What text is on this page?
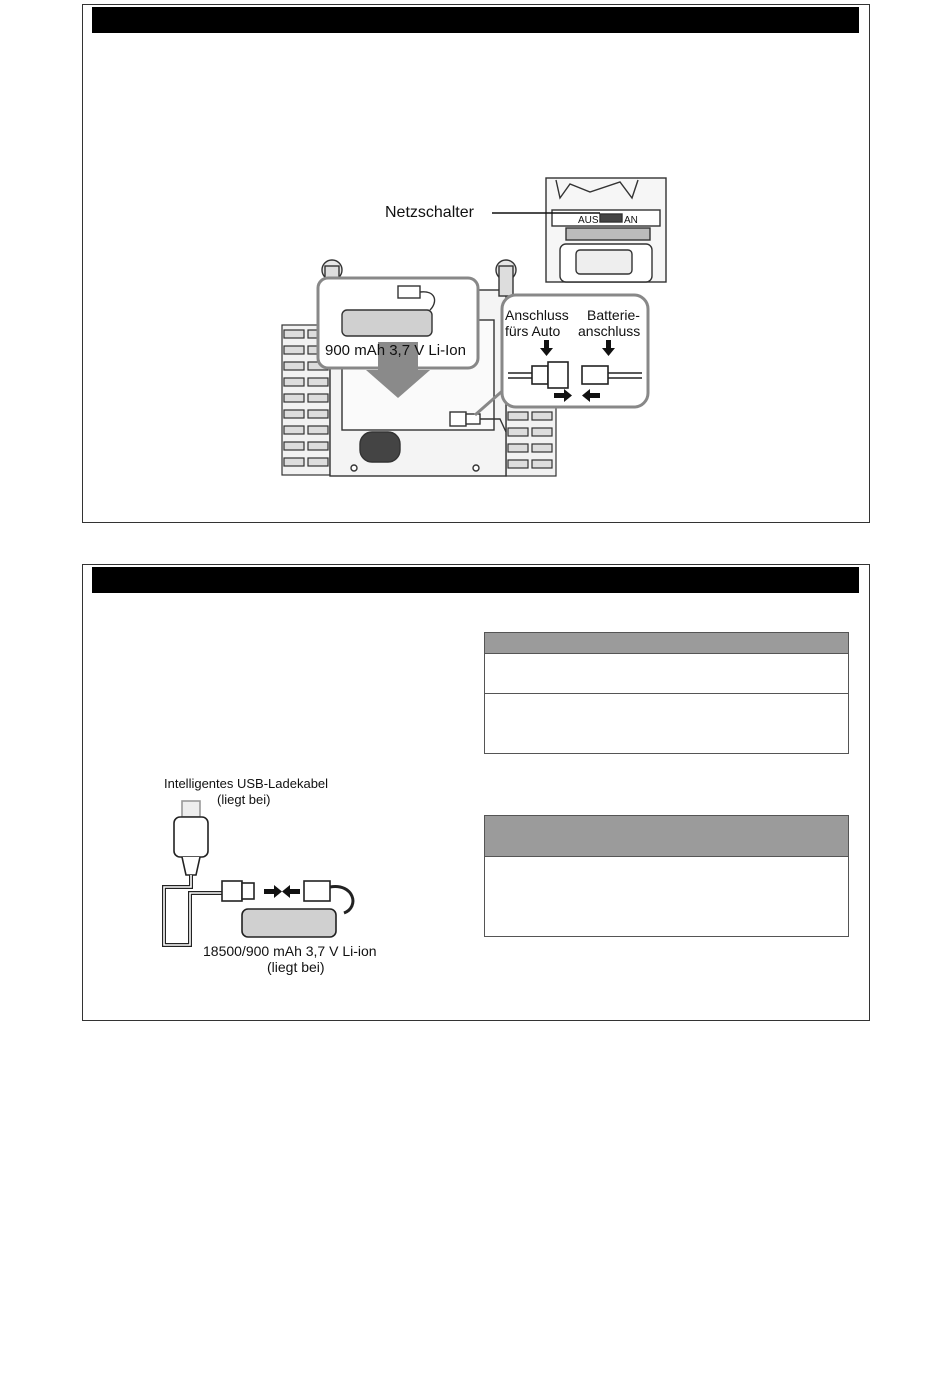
Netzschalter	AUS	AN
900 mAh 3,7 V Li-Ion
Anschluss
fürs Auto
Batterie-
anschluss
Intelligentes USB-Ladekabel
(liegt bei)
18500/900 mAh 3,7 V Li-ion
(liegt bei)
